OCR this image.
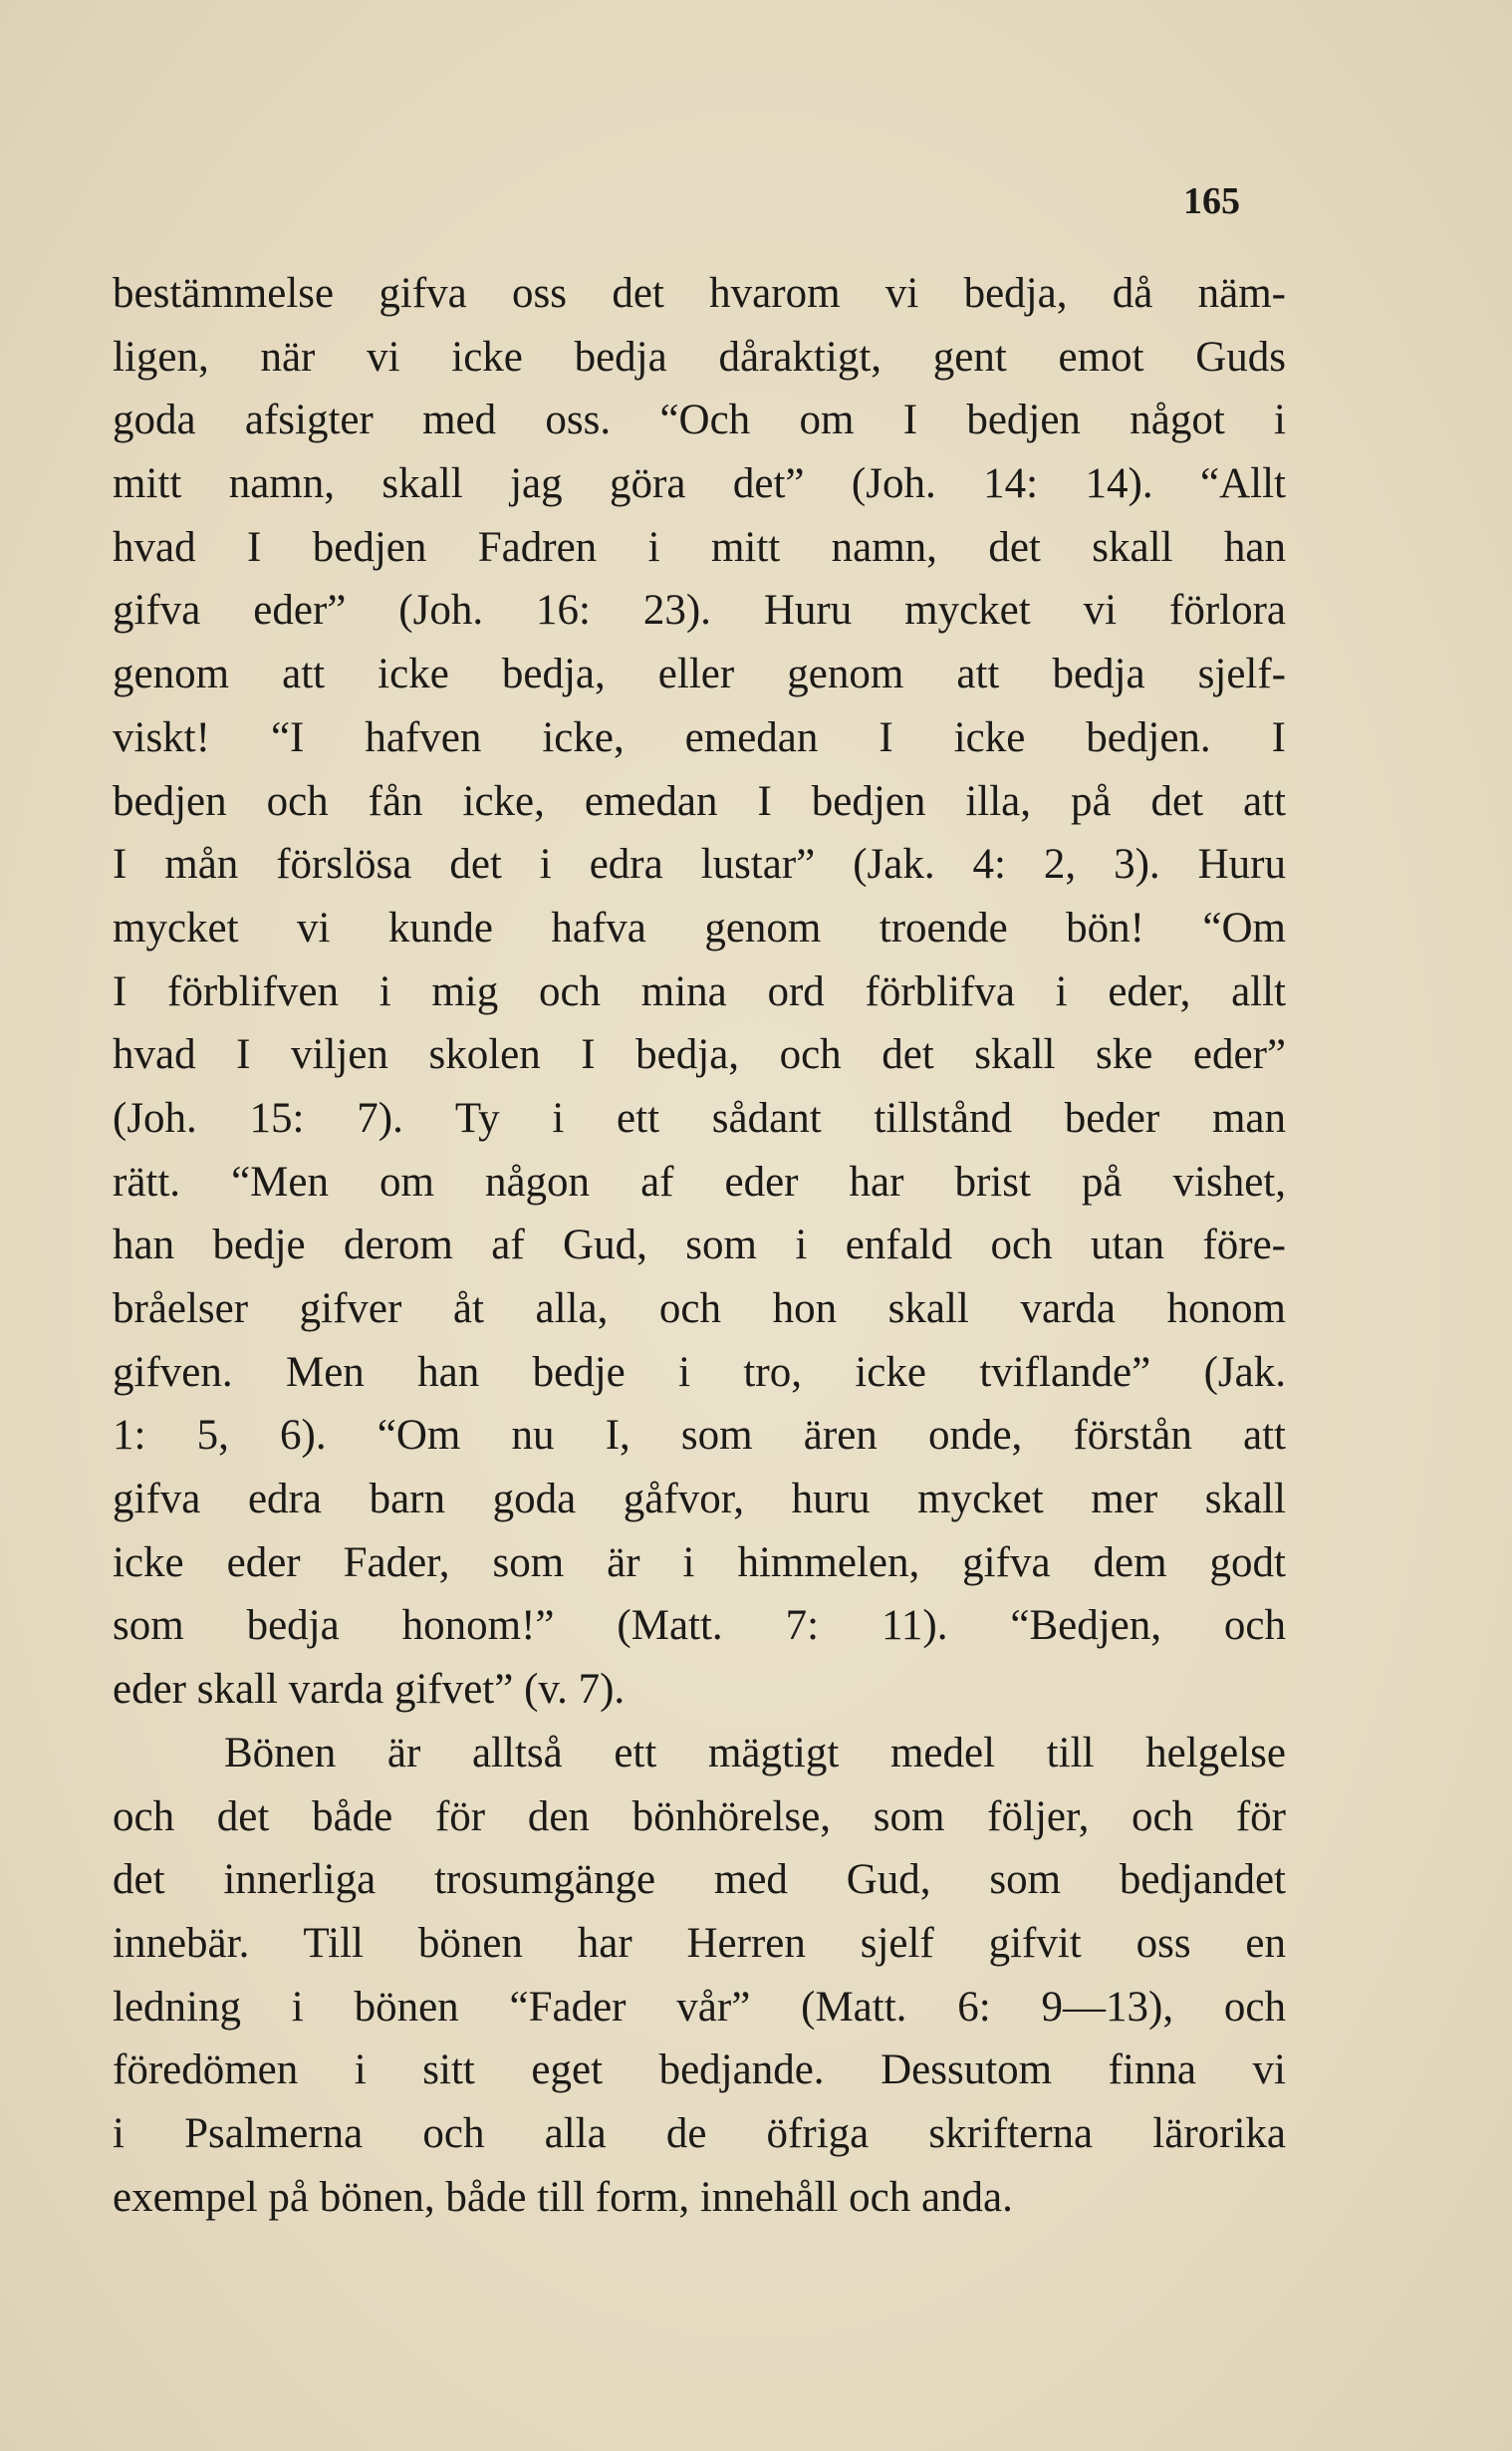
165
bestämmelse gifva oss det hvarom vi bedja, då näm-
ligen, när vi icke bedja dåraktigt, gent emot Guds
goda afsigter med oss. “Och om I bedjen något i
mitt namn, skall jag göra det” (Joh. 14: 14). “Allt
hvad I bedjen Fadren i mitt namn, det skall han
gifva eder” (Joh. 16: 23). Huru mycket vi förlora
genom att icke bedja, eller genom att bedja sjelf-
viskt! “I hafven icke, emedan I icke bedjen. I
bedjen och fån icke, emedan I bedjen illa, på det att
I mån förslösa det i edra lustar” (Jak. 4: 2, 3). Huru
mycket vi kunde hafva genom troende bön! “Om
I förblifven i mig och mina ord förblifva i eder, allt
hvad I viljen skolen I bedja, och det skall ske eder”
(Joh. 15: 7). Ty i ett sådant tillstånd beder man
rätt. “Men om någon af eder har brist på vishet,
han bedje derom af Gud, som i enfald och utan före-
bråelser gifver åt alla, och hon skall varda honom
gifven. Men han bedje i tro, icke tviflande” (Jak.
1: 5, 6). “Om nu I, som ären onde, förstån att
gifva edra barn goda gåfvor, huru mycket mer skall
icke eder Fader, som är i himmelen, gifva dem godt
som bedja honom!” (Matt. 7: 11). “Bedjen, och
eder skall varda gifvet” (v. 7).
Bönen är alltså ett mägtigt medel till helgelse
och det både för den bönhörelse, som följer, och för
det innerliga trosumgänge med Gud, som bedjandet
innebär. Till bönen har Herren sjelf gifvit oss en
ledning i bönen “Fader vår” (Matt. 6: 9—13), och
föredömen i sitt eget bedjande. Dessutom finna vi
i Psalmerna och alla de öfriga skrifterna lärorika
exempel på bönen, både till form, innehåll och anda.
